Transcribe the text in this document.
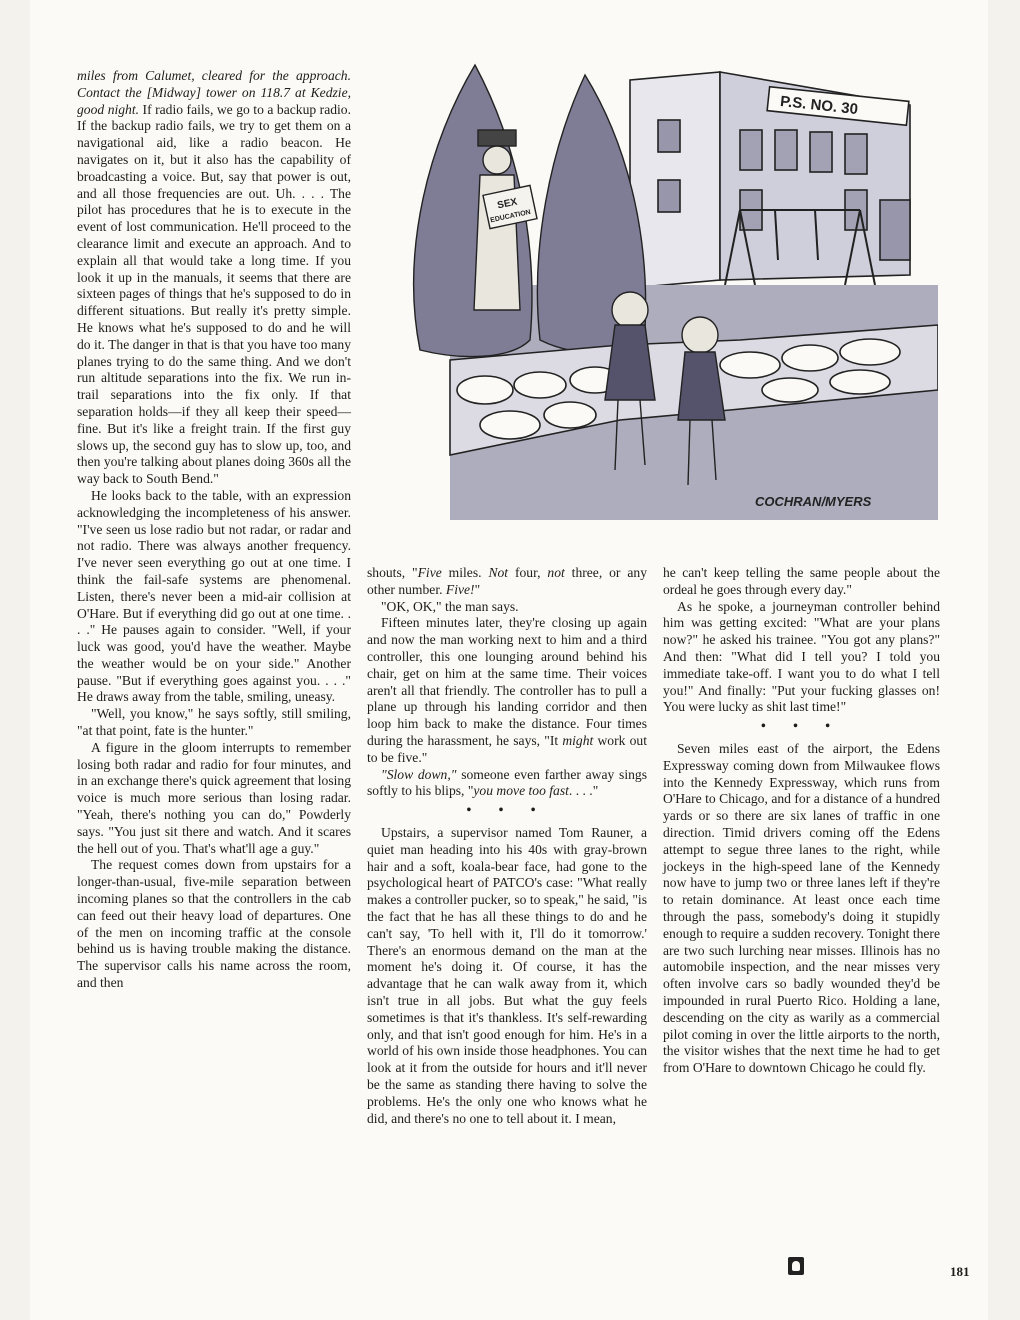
P.S. NO. 30
SEX
EDUCATION
COCHRAN/MYERS

miles from Calumet, cleared for the approach. Contact the [Midway] tower on 118.7 at Kedzie, good night. If radio fails, we go to a backup radio. If the backup radio fails, we try to get them on a navigational aid, like a radio beacon. He navigates on it, but it also has the capability of broadcasting a voice. But, say that power is out, and all those frequencies are out. Uh. . . . The pilot has procedures that he is to execute in the event of lost communication. He'll proceed to the clearance limit and execute an approach. And to explain all that would take a long time. If you look it up in the manuals, it seems that there are sixteen pages of things that he's supposed to do in different situations. But really it's pretty simple. He knows what he's supposed to do and he will do it. The danger in that is that you have too many planes trying to do the same thing. And we don't run altitude separations into the fix. We run in-trail separations into the fix only. If that separation holds—if they all keep their speed—fine. But it's like a freight train. If the first guy slows up, the second guy has to slow up, too, and then you're talking about planes doing 360s all the way back to South Bend."

He looks back to the table, with an expression acknowledging the incompleteness of his answer. "I've seen us lose radio but not radar, or radar and not radio. There was always another frequency. I've never seen everything go out at one time. I think the fail-safe systems are phenomenal. Listen, there's never been a mid-air collision at O'Hare. But if everything did go out at one time. . . ." He pauses again to consider. "Well, if your luck was good, you'd have the weather. Maybe the weather would be on your side." Another pause. "But if everything goes against you. . . ." He draws away from the table, smiling, uneasy.

"Well, you know," he says softly, still smiling, "at that point, fate is the hunter."

A figure in the gloom interrupts to remember losing both radar and radio for four minutes, and in an exchange there's quick agreement that losing voice is much more serious than losing radar. "Yeah, there's nothing you can do," Powderly says. "You just sit there and watch. And it scares the hell out of you. That's what'll age a guy."

The request comes down from upstairs for a longer-than-usual, five-mile separation between incoming planes so that the controllers in the cab can feed out their heavy load of departures. One of the men on incoming traffic at the console behind us is having trouble making the distance. The supervisor calls his name across the room, and then

shouts, "Five miles. Not four, not three, or any other number. Five!"

"OK, OK," the man says.

Fifteen minutes later, they're closing up again and now the man working next to him and a third controller, this one lounging around behind his chair, get on him at the same time. Their voices aren't all that friendly. The controller has to pull a plane up through his landing corridor and then loop him back to make the distance. Four times during the harassment, he says, "It might work out to be five."

"Slow down," someone even farther away sings softly to his blips, "you move too fast. . . ."

• • •

Upstairs, a supervisor named Tom Rauner, a quiet man heading into his 40s with gray-brown hair and a soft, koala-bear face, had gone to the psychological heart of PATCO's case: "What really makes a controller pucker, so to speak," he said, "is the fact that he has all these things to do and he can't say, 'To hell with it, I'll do it tomorrow.' There's an enormous demand on the man at the moment he's doing it. Of course, it has the advantage that he can walk away from it, which isn't true in all jobs. But what the guy feels sometimes is that it's thankless. It's self-rewarding only, and that isn't good enough for him. He's in a world of his own inside those headphones. You can look at it from the outside for hours and it'll never be the same as standing there having to solve the problems. He's the only one who knows what he did, and there's no one to tell about it. I mean,

he can't keep telling the same people about the ordeal he goes through every day."

As he spoke, a journeyman controller behind him was getting excited: "What are your plans now?" he asked his trainee. "You got any plans?" And then: "What did I tell you? I told you immediate take-off. I want you to do what I tell you!" And finally: "Put your fucking glasses on! You were lucky as shit last time!"

• • •

Seven miles east of the airport, the Edens Expressway coming down from Milwaukee flows into the Kennedy Expressway, which runs from O'Hare to Chicago, and for a distance of a hundred yards or so there are six lanes of traffic in one direction. Timid drivers coming off the Edens attempt to segue three lanes to the right, while jockeys in the high-speed lane of the Kennedy now have to jump two or three lanes left if they're to retain dominance. At least once each time through the pass, somebody's doing it stupidly enough to require a sudden recovery. Tonight there are two such lurching near misses. Illinois has no automobile inspection, and the near misses very often involve cars so badly wounded they'd be impounded in rural Puerto Rico. Holding a lane, descending on the city as warily as a commercial pilot coming in over the little airports to the north, the visitor wishes that the next time he had to get from O'Hare to downtown Chicago he could fly.

181
